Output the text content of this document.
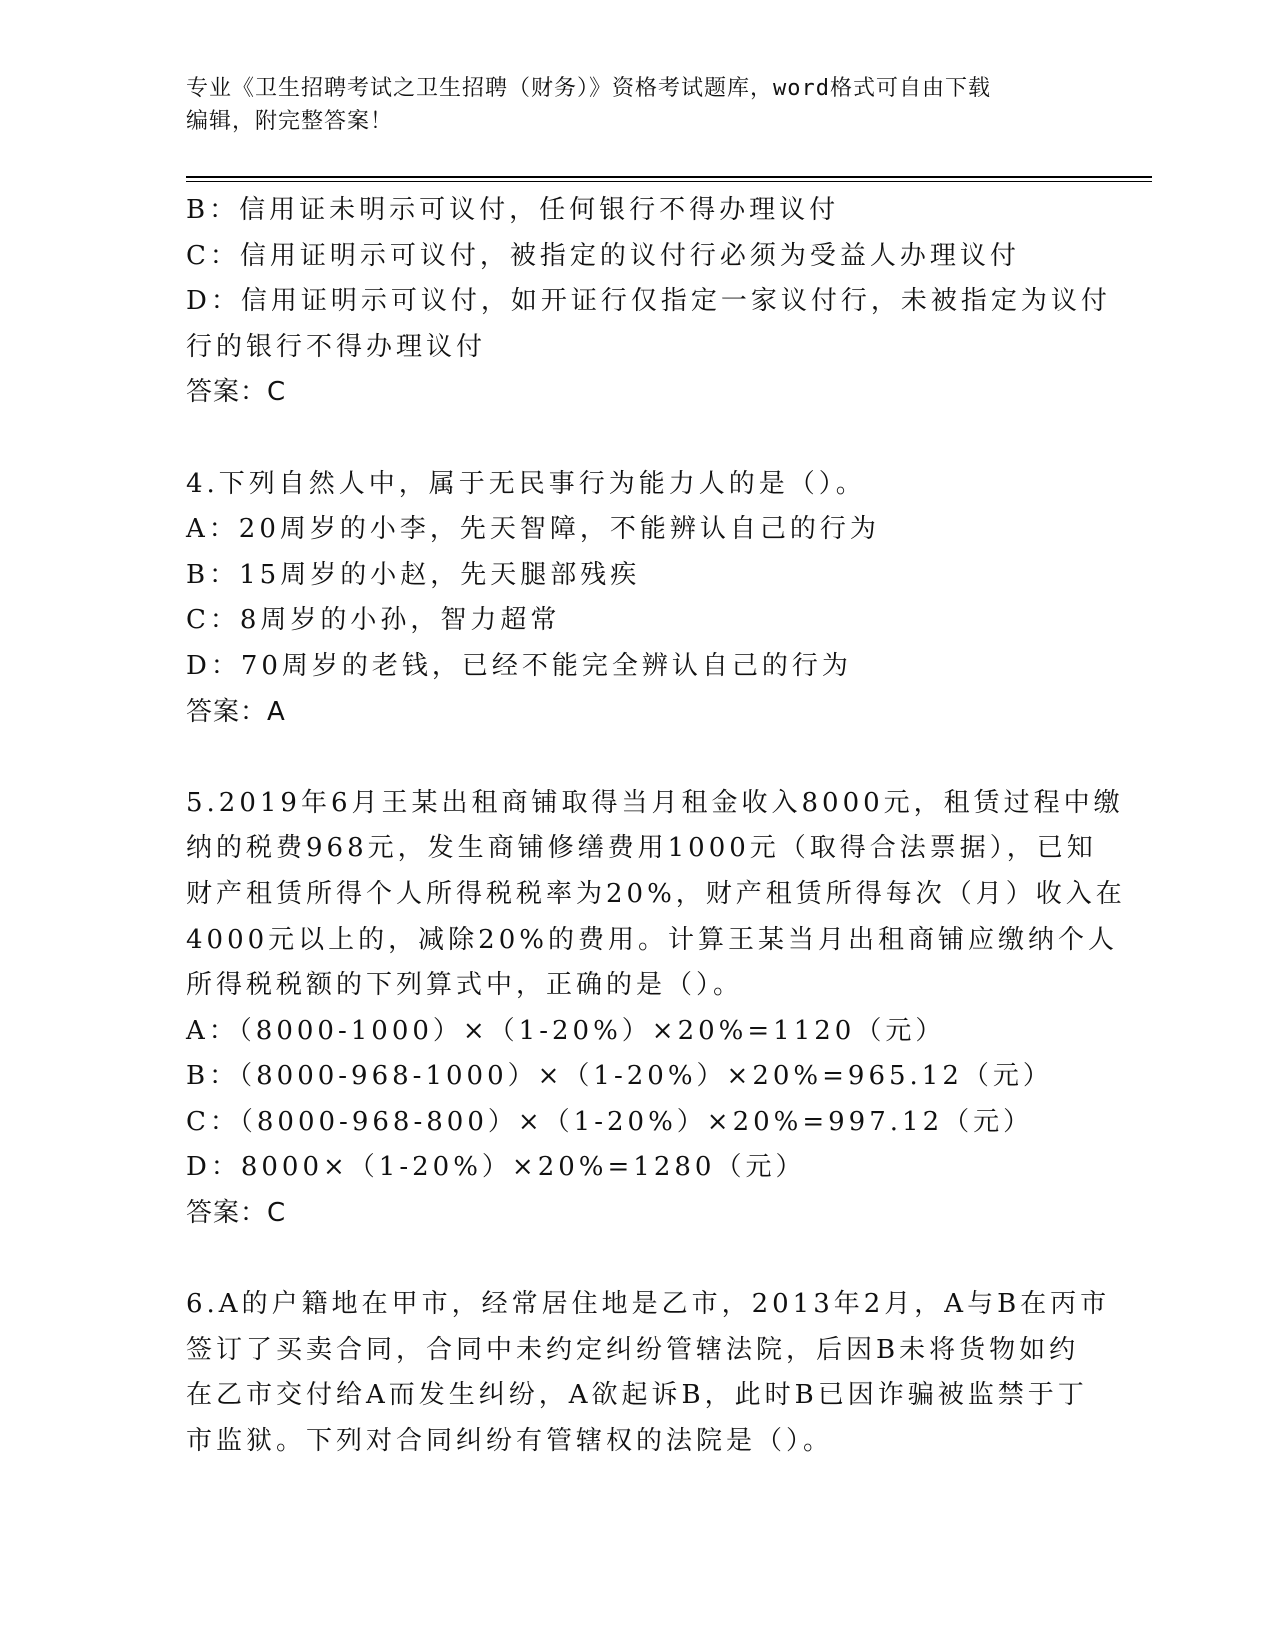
专业《卫生招聘考试之卫生招聘（财务）》资格考试题库，word格式可自由下载
编辑，附完整答案！
B：信用证未明示可议付，任何银行不得办理议付
C：信用证明示可议付，被指定的议付行必须为受益人办理议付
D：信用证明示可议付，如开证行仅指定一家议付行，未被指定为议付
行的银行不得办理议付
答案：C
4.下列自然人中，属于无民事行为能力人的是（）。
A：20周岁的小李，先天智障，不能辨认自己的行为
B：15周岁的小赵，先天腿部残疾
C：8周岁的小孙，智力超常
D：70周岁的老钱，已经不能完全辨认自己的行为
答案：A
5.2019年6月王某出租商铺取得当月租金收入8000元，租赁过程中缴
纳的税费968元，发生商铺修缮费用1000元（取得合法票据），已知
财产租赁所得个人所得税税率为20%，财产租赁所得每次（月）收入在
4000元以上的，减除20%的费用。计算王某当月出租商铺应缴纳个人
所得税税额的下列算式中，正确的是（）。
A：（8000-1000）×（1-20%）×20%=1120（元）
B：（8000-968-1000）×（1-20%）×20%=965.12（元）
C：（8000-968-800）×（1-20%）×20%=997.12（元）
D：8000×（1-20%）×20%=1280（元）
答案：C
6.A的户籍地在甲市，经常居住地是乙市，2013年2月，A与B在丙市
签订了买卖合同，合同中未约定纠纷管辖法院，后因B未将货物如约
在乙市交付给A而发生纠纷，A欲起诉B，此时B已因诈骗被监禁于丁
市监狱。下列对合同纠纷有管辖权的法院是（）。
